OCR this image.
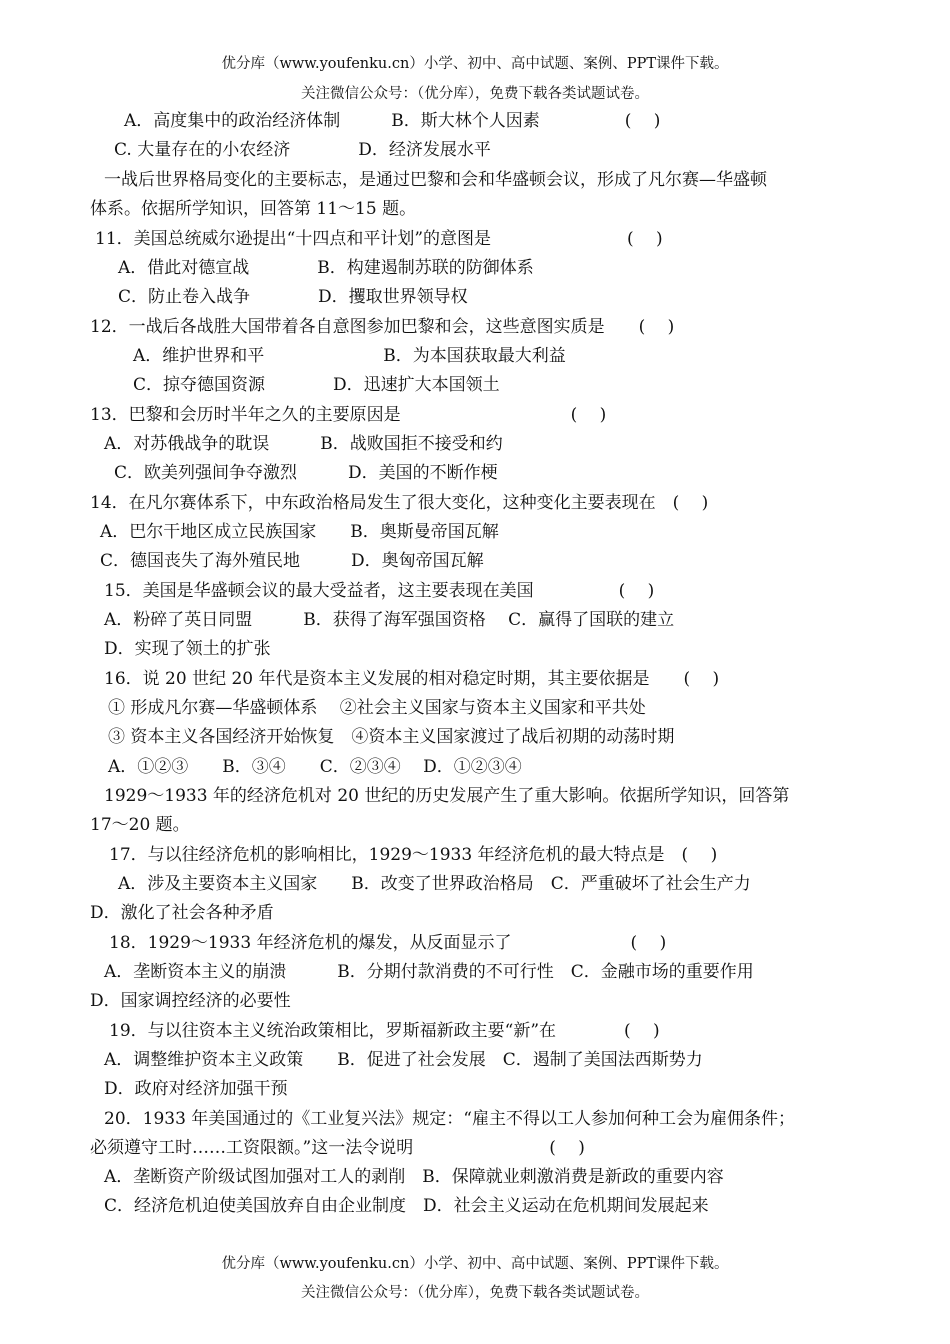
优分库（www.youfenku.cn）小学、初中、高中试题、案例、PPT课件下载。
关注微信公众号：（优分库），免费下载各类试题试卷。
A．高度集中的政治经济体制　　　B．斯大林个人因素　　　　　(　 )
C. 大量存在的小农经济　　　　D．经济发展水平
一战后世界格局变化的主要标志，是通过巴黎和会和华盛顿会议，形成了凡尔赛—华盛顿
体系。依据所学知识，回答第 11～15 题。
11．美国总统威尔逊提出“十四点和平计划”的意图是　　　　　　　　(　 )
A．借此对德宣战　　　　B．构建遏制苏联的防御体系
C．防止卷入战争　　　　D．攫取世界领导权
12．一战后各战胜大国带着各自意图参加巴黎和会，这些意图实质是　　(　 )
A．维护世界和平　　　　　　　B．为本国获取最大利益
C．掠夺德国资源　　　　D．迅速扩大本国领土
13．巴黎和会历时半年之久的主要原因是　　　　　　　　　　(　 )
A．对苏俄战争的耽误　　　B．战败国拒不接受和约
C．欧美列强间争夺激烈　　　D．美国的不断作梗
14．在凡尔赛体系下，中东政治格局发生了很大变化，这种变化主要表现在　(　 )
A．巴尔干地区成立民族国家　　B．奥斯曼帝国瓦解
C．德国丧失了海外殖民地　　　D．奥匈帝国瓦解
15．美国是华盛顿会议的最大受益者，这主要表现在美国　　　　　(　 )
A．粉碎了英日同盟　　　B．获得了海军强国资格　 C．赢得了国联的建立
D．实现了领土的扩张
16．说 20 世纪 20 年代是资本主义发展的相对稳定时期，其主要依据是　　(　 )
① 形成凡尔赛—华盛顿体系　 ②社会主义国家与资本主义国家和平共处
③ 资本主义各国经济开始恢复　④资本主义国家渡过了战后初期的动荡时期
A．①②③　　B．③④　　C．②③④　 D．①②③④
1929～1933 年的经济危机对 20 世纪的历史发展产生了重大影响。依据所学知识，回答第
17～20 题。
17．与以往经济危机的影响相比，1929～1933 年经济危机的最大特点是　(　 )
A．涉及主要资本主义国家　　B．改变了世界政治格局　C．严重破坏了社会生产力
D．激化了社会各种矛盾
18．1929～1933 年经济危机的爆发，从反面显示了　　　　　　　(　 )
A．垄断资本主义的崩溃　　　B．分期付款消费的不可行性　C．金融市场的重要作用
D．国家调控经济的必要性
19．与以往资本主义统治政策相比，罗斯福新政主要“新”在　　　　(　 )
A．调整维护资本主义政策　　B．促进了社会发展　C．遏制了美国法西斯势力
D．政府对经济加强干预
20．1933 年美国通过的《工业复兴法》规定：“雇主不得以工人参加何种工会为雇佣条件；
必须遵守工时……工资限额。”这一法令说明　　　　　　　　(　 )
A．垄断资产阶级试图加强对工人的剥削　B．保障就业刺激消费是新政的重要内容
C．经济危机迫使美国放弃自由企业制度　D．社会主义运动在危机期间发展起来
优分库（www.youfenku.cn）小学、初中、高中试题、案例、PPT课件下载。
关注微信公众号：（优分库），免费下载各类试题试卷。
